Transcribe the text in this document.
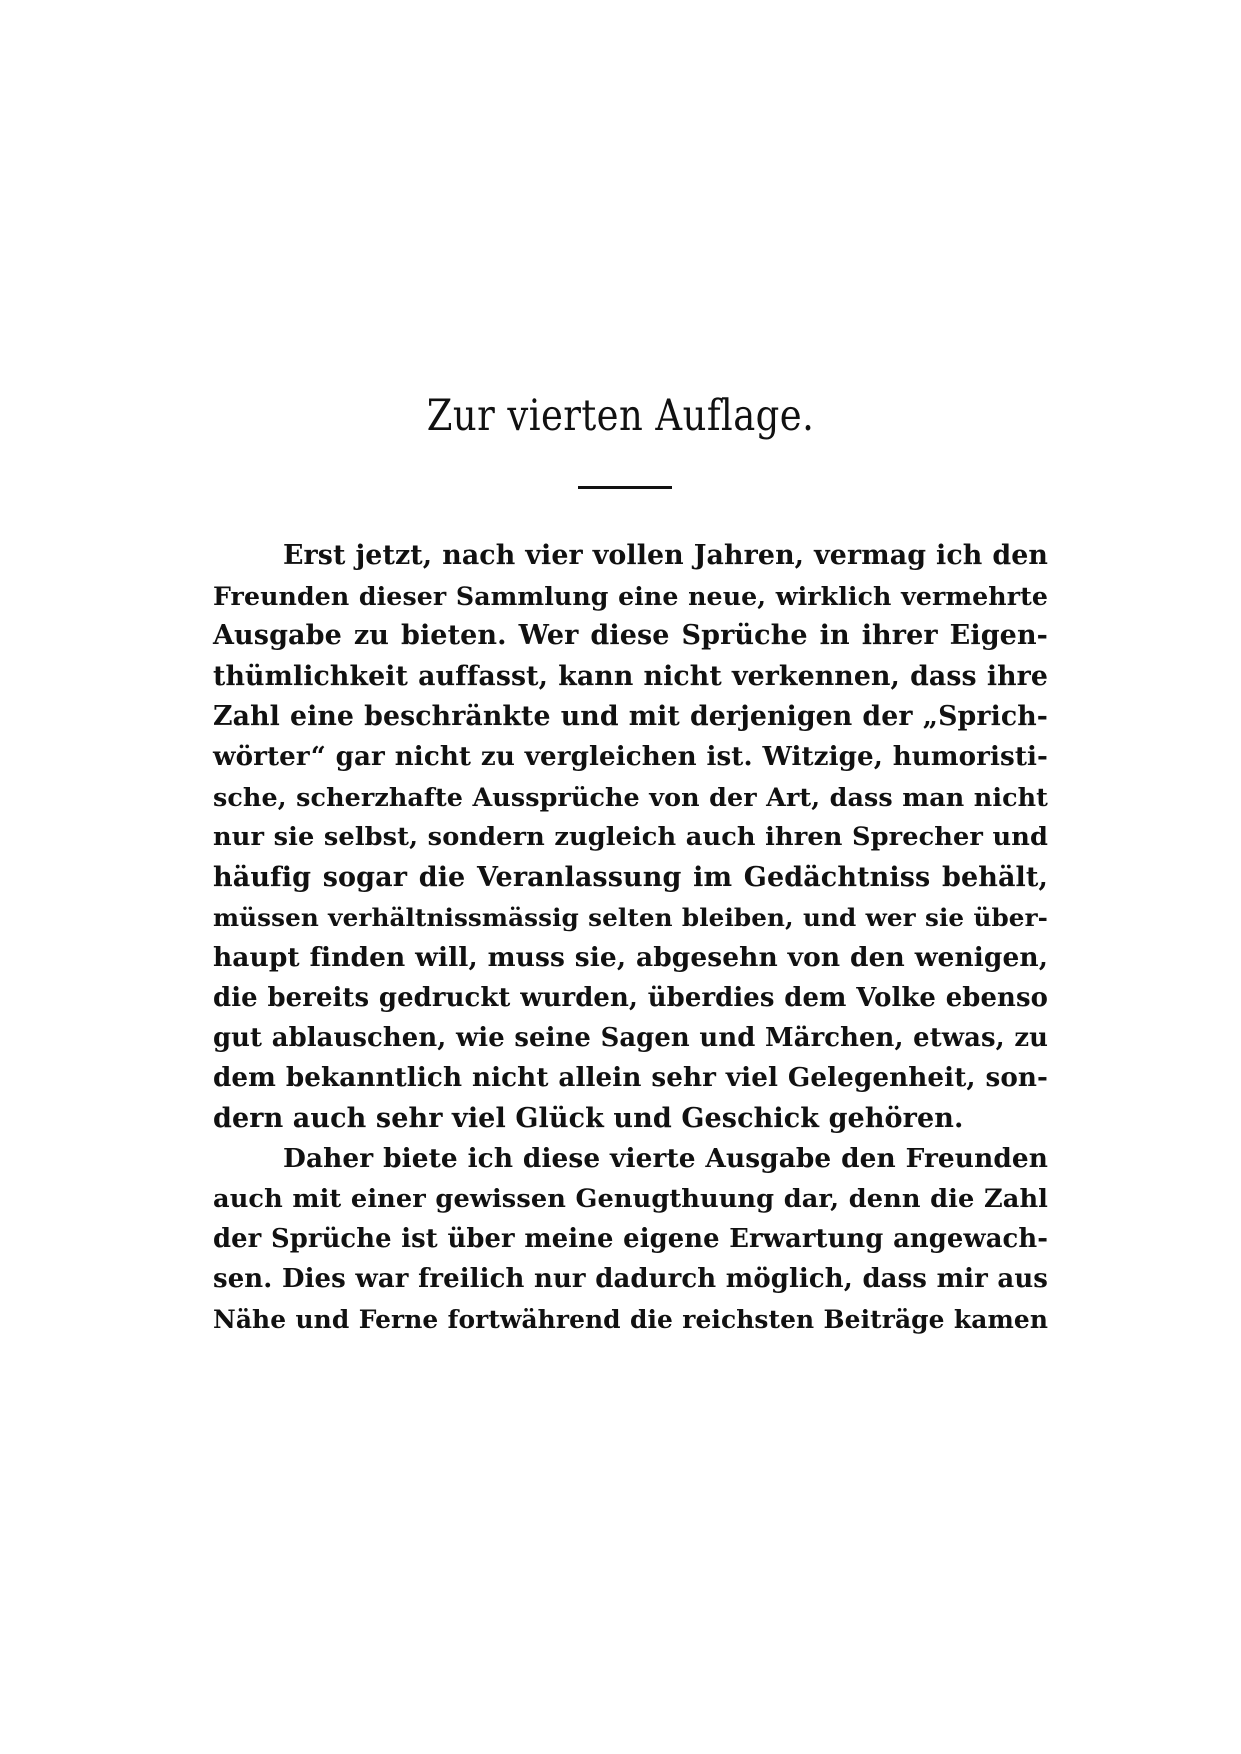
Zur vierten Auflage.
Erst jetzt, nach vier vollen Jahren, vermag ich den
Freunden dieser Sammlung eine neue, wirklich vermehrte
Ausgabe zu bieten. Wer diese Sprüche in ihrer Eigen-
thümlichkeit auffasst, kann nicht verkennen, dass ihre
Zahl eine beschränkte und mit derjenigen der „Sprich-
wörter“ gar nicht zu vergleichen ist. Witzige, humoristi-
sche, scherzhafte Aussprüche von der Art, dass man nicht
nur sie selbst, sondern zugleich auch ihren Sprecher und
häufig sogar die Veranlassung im Gedächtniss behält,
müssen verhältnissmässig selten bleiben, und wer sie über-
haupt finden will, muss sie, abgesehn von den wenigen,
die bereits gedruckt wurden, überdies dem Volke ebenso
gut ablauschen, wie seine Sagen und Märchen, etwas, zu
dem bekanntlich nicht allein sehr viel Gelegenheit, son-
dern auch sehr viel Glück und Geschick gehören.
Daher biete ich diese vierte Ausgabe den Freunden
auch mit einer gewissen Genugthuung dar, denn die Zahl
der Sprüche ist über meine eigene Erwartung angewach-
sen. Dies war freilich nur dadurch möglich, dass mir aus
Nähe und Ferne fortwährend die reichsten Beiträge kamen
